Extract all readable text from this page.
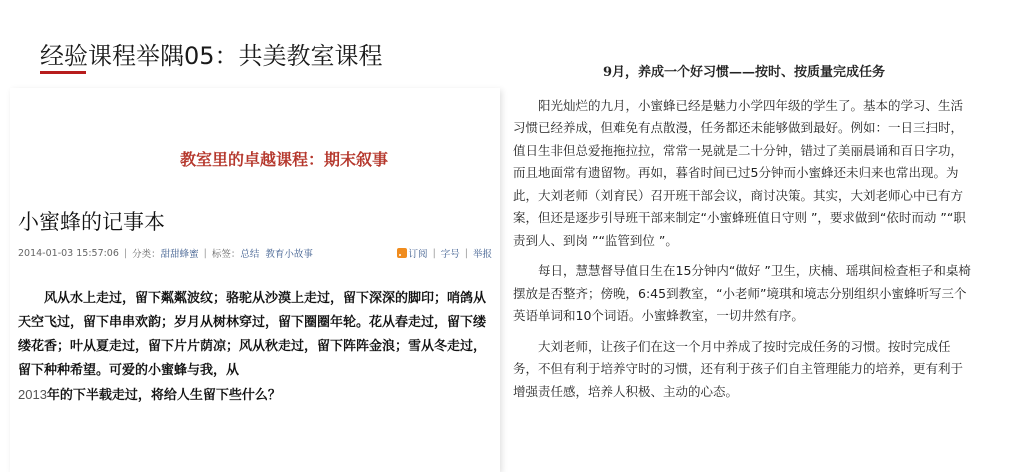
经验课程举隅05：共美教室课程
教室里的卓越课程：期末叙事
小蜜蜂的记事本
2014-01-03 15:57:06 | 分类： 甜甜蜂蜜 | 标签： 总结 教育小故事	订阅 | 字号 | 举报
风从水上走过，留下粼粼波纹；骆驼从沙漠上走过，留下深深的脚印；哨鸽从天空飞过，留下串串欢韵；岁月从树林穿过，留下圈圈年轮。花从春走过，留下缕缕花香；叶从夏走过，留下片片荫凉；风从秋走过，留下阵阵金浪；雪从冬走过，留下种种希望。可爱的小蜜蜂与我，从2013年的下半载走过，将给人生留下些什么？
9月，养成一个好习惯——按时、按质量完成任务

阳光灿烂的九月，小蜜蜂已经是魅力小学四年级的学生了。基本的学习、生活习惯已经养成，但难免有点散漫，任务都还未能够做到最好。例如：一日三扫时，值日生非但总爱拖拖拉拉，常常一晃就是二十分钟，错过了美丽晨诵和百日字功，而且地面常有遗留物。再如，暮省时间已过5分钟而小蜜蜂还未归来也常出现。为此，大刘老师（刘育民）召开班干部会议，商讨决策。其实，大刘老师心中已有方案，但还是逐步引导班干部来制定“小蜜蜂班值日守则 ”，要求做到“依时而动 ”“职责到人、到岗 ”“监管到位 ”。

每日，慧慧督导值日生在15分钟内“做好 ”卫生，庆楠、瑶琪间检查柜子和桌椅摆放是否整齐；傍晚，6:45到教室，“小老师”境琪和境志分别组织小蜜蜂听写三个英语单词和10个词语。小蜜蜂教室，一切井然有序。

大刘老师，让孩子们在这一个月中养成了按时完成任务的习惯。按时完成任务，不但有利于培养守时的习惯，还有利于孩子们自主管理能力的培养，更有利于增强责任感，培养人积极、主动的心态。
